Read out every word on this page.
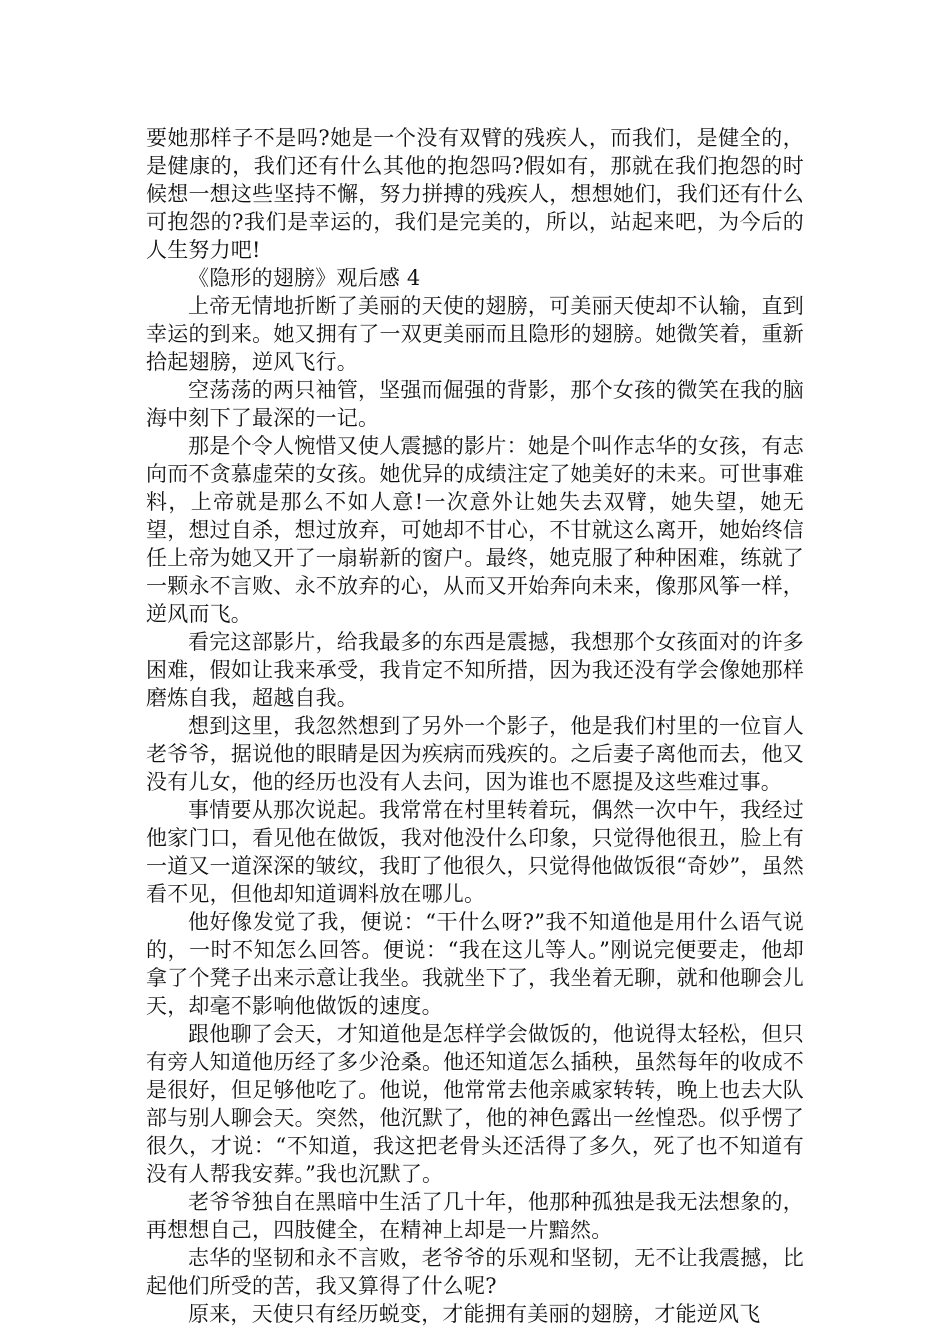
要她那样子不是吗?她是一个没有双臂的残疾人，而我们，是健全的，是健康的，我们还有什么其他的抱怨吗?假如有，那就在我们抱怨的时候想一想这些坚持不懈，努力拼搏的残疾人，想想她们，我们还有什么可抱怨的?我们是幸运的，我们是完美的，所以，站起来吧，为今后的人生努力吧!

《隐形的翅膀》观后感 4

上帝无情地折断了美丽的天使的翅膀，可美丽天使却不认输，直到幸运的到来。她又拥有了一双更美丽而且隐形的翅膀。她微笑着，重新拾起翅膀，逆风飞行。

空荡荡的两只袖管，坚强而倔强的背影，那个女孩的微笑在我的脑海中刻下了最深的一记。

那是个令人惋惜又使人震撼的影片：她是个叫作志华的女孩，有志向而不贪慕虚荣的女孩。她优异的成绩注定了她美好的未来。可世事难料，上帝就是那么不如人意!一次意外让她失去双臂，她失望，她无望，想过自杀，想过放弃，可她却不甘心，不甘就这么离开，她始终信任上帝为她又开了一扇崭新的窗户。最终，她克服了种种困难，练就了一颗永不言败、永不放弃的心，从而又开始奔向未来，像那风筝一样，逆风而飞。

看完这部影片，给我最多的东西是震撼，我想那个女孩面对的许多困难，假如让我来承受，我肯定不知所措，因为我还没有学会像她那样磨炼自我，超越自我。

想到这里，我忽然想到了另外一个影子，他是我们村里的一位盲人老爷爷，据说他的眼睛是因为疾病而残疾的。之后妻子离他而去，他又没有儿女，他的经历也没有人去问，因为谁也不愿提及这些难过事。

事情要从那次说起。我常常在村里转着玩，偶然一次中午，我经过他家门口，看见他在做饭，我对他没什么印象，只觉得他很丑，脸上有一道又一道深深的皱纹，我盯了他很久，只觉得他做饭很“奇妙”，虽然看不见，但他却知道调料放在哪儿。

他好像发觉了我，便说：“干什么呀?”我不知道他是用什么语气说的，一时不知怎么回答。便说：“我在这儿等人。”刚说完便要走，他却拿了个凳子出来示意让我坐。我就坐下了，我坐着无聊，就和他聊会儿天，却毫不影响他做饭的速度。

跟他聊了会天，才知道他是怎样学会做饭的，他说得太轻松，但只有旁人知道他历经了多少沧桑。他还知道怎么插秧，虽然每年的收成不是很好，但足够他吃了。他说，他常常去他亲戚家转转，晚上也去大队部与别人聊会天。突然，他沉默了，他的神色露出一丝惶恐。似乎愣了很久，才说：“不知道，我这把老骨头还活得了多久，死了也不知道有没有人帮我安葬。”我也沉默了。

老爷爷独自在黑暗中生活了几十年，他那种孤独是我无法想象的，再想想自己，四肢健全，在精神上却是一片黯然。

志华的坚韧和永不言败，老爷爷的乐观和坚韧，无不让我震撼，比起他们所受的苦，我又算得了什么呢?

原来，天使只有经历蜕变，才能拥有美丽的翅膀，才能逆风飞
